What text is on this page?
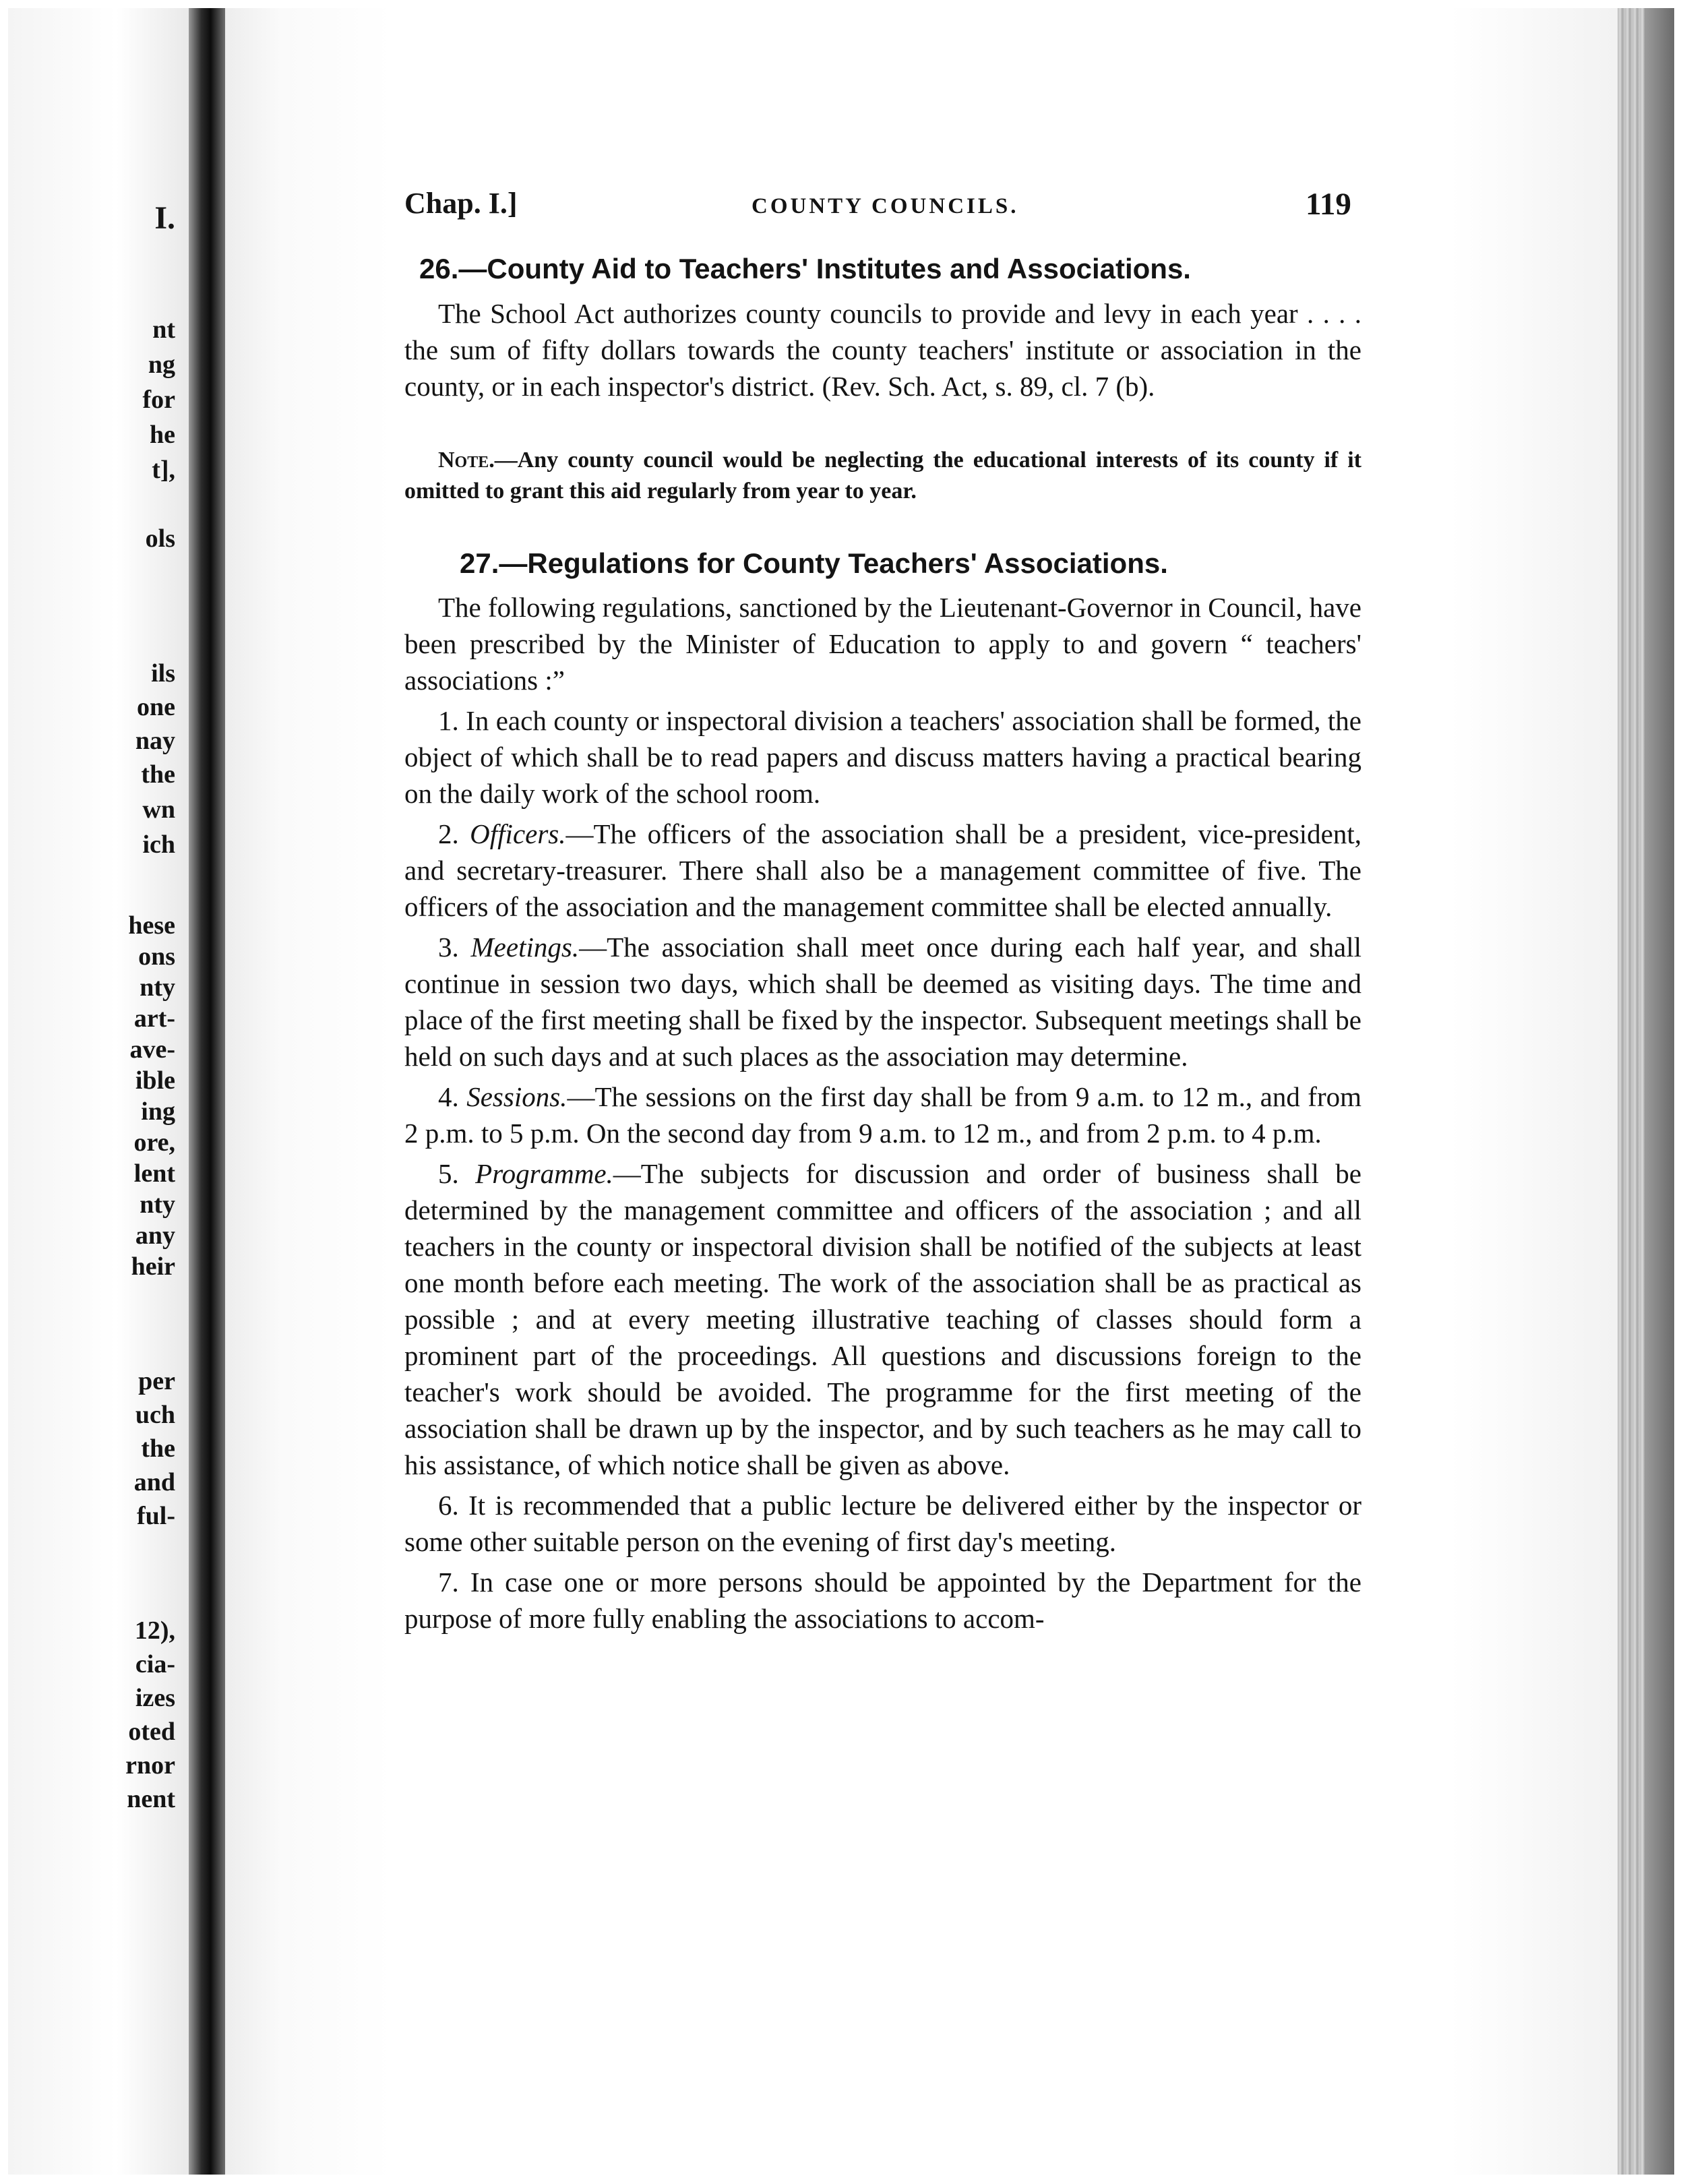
I.
nt
ng
for
he
t],
ols
ils
one
nay
the
wn
ich
hese
ons
nty
art-
ave-
ible
ing
ore,
lent
nty
any
heir
per
uch
the
and
ful-
12),
cia-
izes
oted
rnor
nent
Chap. I.]	COUNTY COUNCILS.	119
26.—County Aid to Teachers' Institutes and Associations.

The School Act authorizes county councils to provide and levy in each year . . . . the sum of fifty dollars towards the county teachers' institute or association in the county, or in each inspector's district. (Rev. Sch. Act, s. 89, cl. 7 (b).

Note.—Any county council would be neglecting the educational interests of its county if it omitted to grant this aid regularly from year to year.
27.—Regulations for County Teachers' Associations.

The following regulations, sanctioned by the Lieutenant-Governor in Council, have been prescribed by the Minister of Education to apply to and govern “ teachers' associations :”

1. In each county or inspectoral division a teachers' association shall be formed, the object of which shall be to read papers and discuss matters having a practical bearing on the daily work of the school room.

2. Officers.—The officers of the association shall be a president, vice-president, and secretary-treasurer. There shall also be a management committee of five. The officers of the association and the management committee shall be elected annually.

3. Meetings.—The association shall meet once during each half year, and shall continue in session two days, which shall be deemed as visiting days. The time and place of the first meeting shall be fixed by the inspector. Subsequent meetings shall be held on such days and at such places as the association may determine.

4. Sessions.—The sessions on the first day shall be from 9 a.m. to 12 m., and from 2 p.m. to 5 p.m. On the second day from 9 a.m. to 12 m., and from 2 p.m. to 4 p.m.

5. Programme.—The subjects for discussion and order of business shall be determined by the management committee and officers of the association ; and all teachers in the county or inspectoral division shall be notified of the subjects at least one month before each meeting. The work of the association shall be as practical as possible ; and at every meeting illustrative teaching of classes should form a prominent part of the proceedings. All questions and discussions foreign to the teacher's work should be avoided. The programme for the first meeting of the association shall be drawn up by the inspector, and by such teachers as he may call to his assistance, of which notice shall be given as above.

6. It is recommended that a public lecture be delivered either by the inspector or some other suitable person on the evening of first day's meeting.

7. In case one or more persons should be appointed by the Department for the purpose of more fully enabling the associations to accom-
